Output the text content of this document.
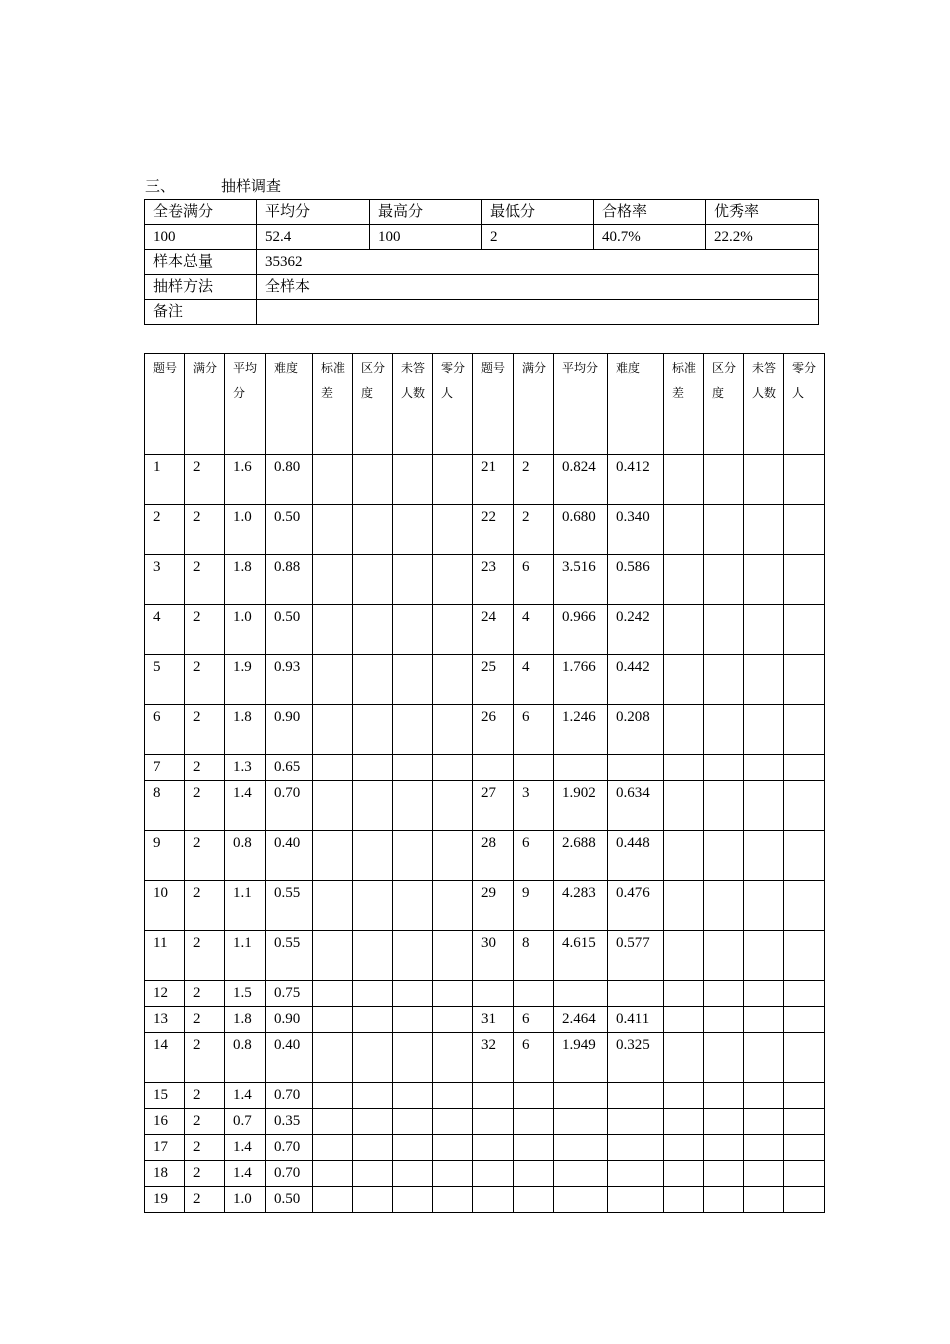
三、	抽样调查
全卷满分	平均分	最高分	最低分	合格率	优秀率
100	52.4	100	2	40.7%	22.2%
样本总量	35362				
抽样方法	全样本				
备注					
题号	满分	平均分	难度	标准差	区分度	未答人数	零分人	题号	满分	平均分	难度	标准差	区分度	未答人数	零分人
1	2	1.6	0.80					21	2	0.824	0.412				
2	2	1.0	0.50					22	2	0.680	0.340				
3	2	1.8	0.88					23	6	3.516	0.586				
4	2	1.0	0.50					24	4	0.966	0.242				
5	2	1.9	0.93					25	4	1.766	0.442				
6	2	1.8	0.90					26	6	1.246	0.208				
7	2	1.3	0.65												
8	2	1.4	0.70					27	3	1.902	0.634				
9	2	0.8	0.40					28	6	2.688	0.448				
10	2	1.1	0.55					29	9	4.283	0.476				
11	2	1.1	0.55					30	8	4.615	0.577				
12	2	1.5	0.75												
13	2	1.8	0.90					31	6	2.464	0.411				
14	2	0.8	0.40					32	6	1.949	0.325				
15	2	1.4	0.70												
16	2	0.7	0.35												
17	2	1.4	0.70												
18	2	1.4	0.70												
19	2	1.0	0.50												
